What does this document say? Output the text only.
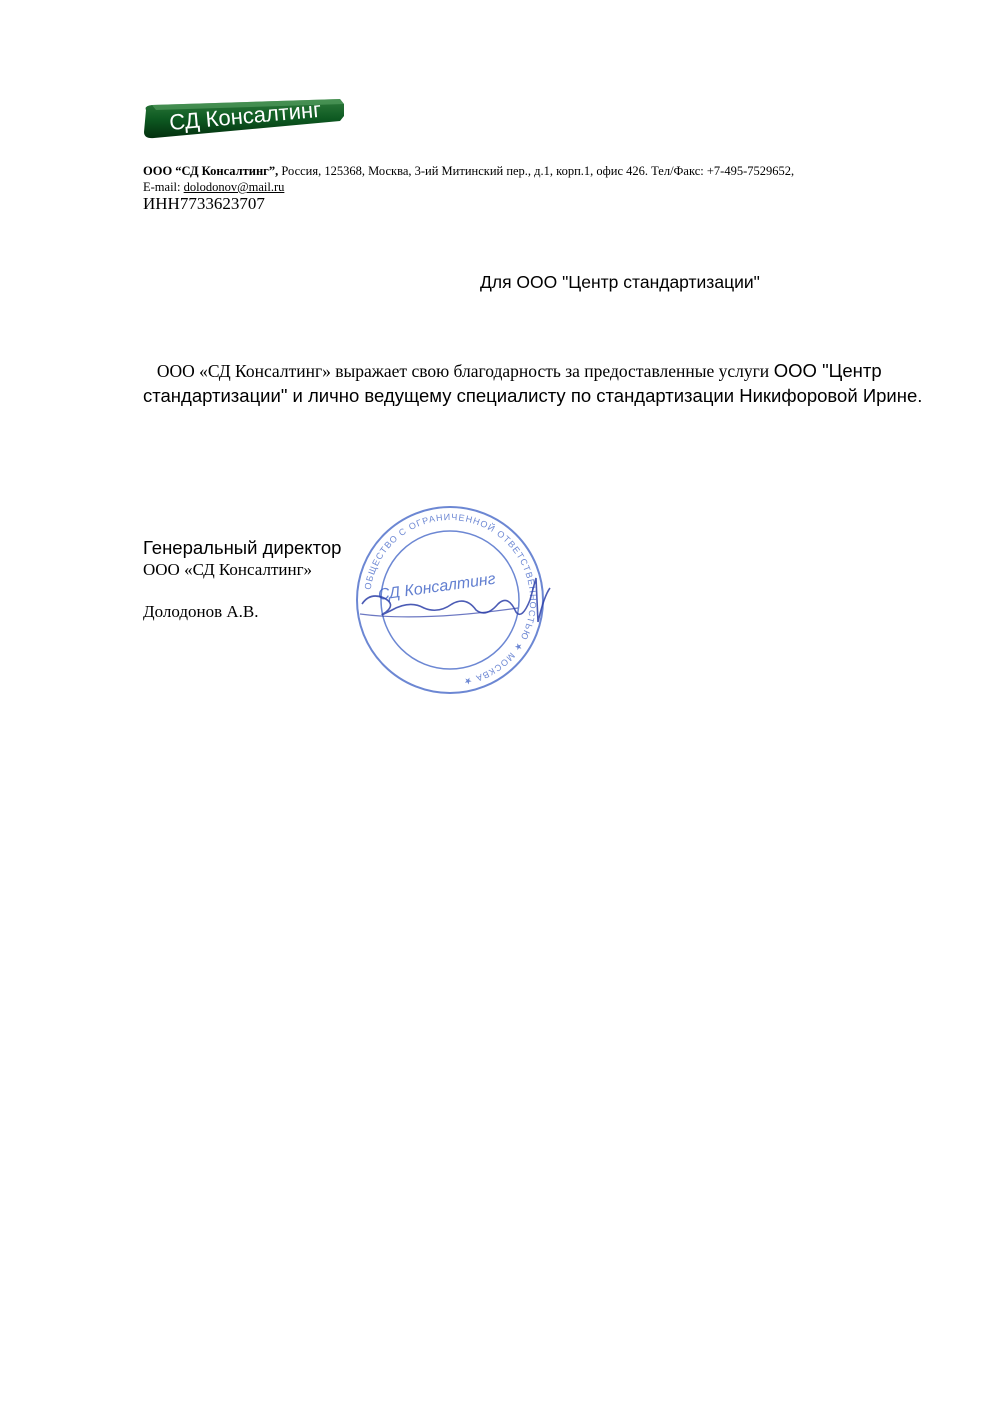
СД Консалтинг
ООО “СД Консалтинг”, Россия, 125368, Москва, 3-ий Митинский пер., д.1, корп.1, офис 426. Тел/Факс: +7-495-7529652,
E-mail: dolodonov@mail.ru
ИНН7733623707
Для ООО "Центр стандартизации"
ООО «СД Консалтинг» выражает свою благодарность за предоставленные услуги ООО "Центр стандартизации" и лично ведущему специалисту по стандартизации Никифоровой Ирине.
Генеральный директор
ООО «СД Консалтинг»
Долодонов А.В.
ОБЩЕСТВО С ОГРАНИЧЕННОЙ ОТВЕТСТВЕННОСТЬЮ ★ МОСКВА ★
СД Консалтинг
